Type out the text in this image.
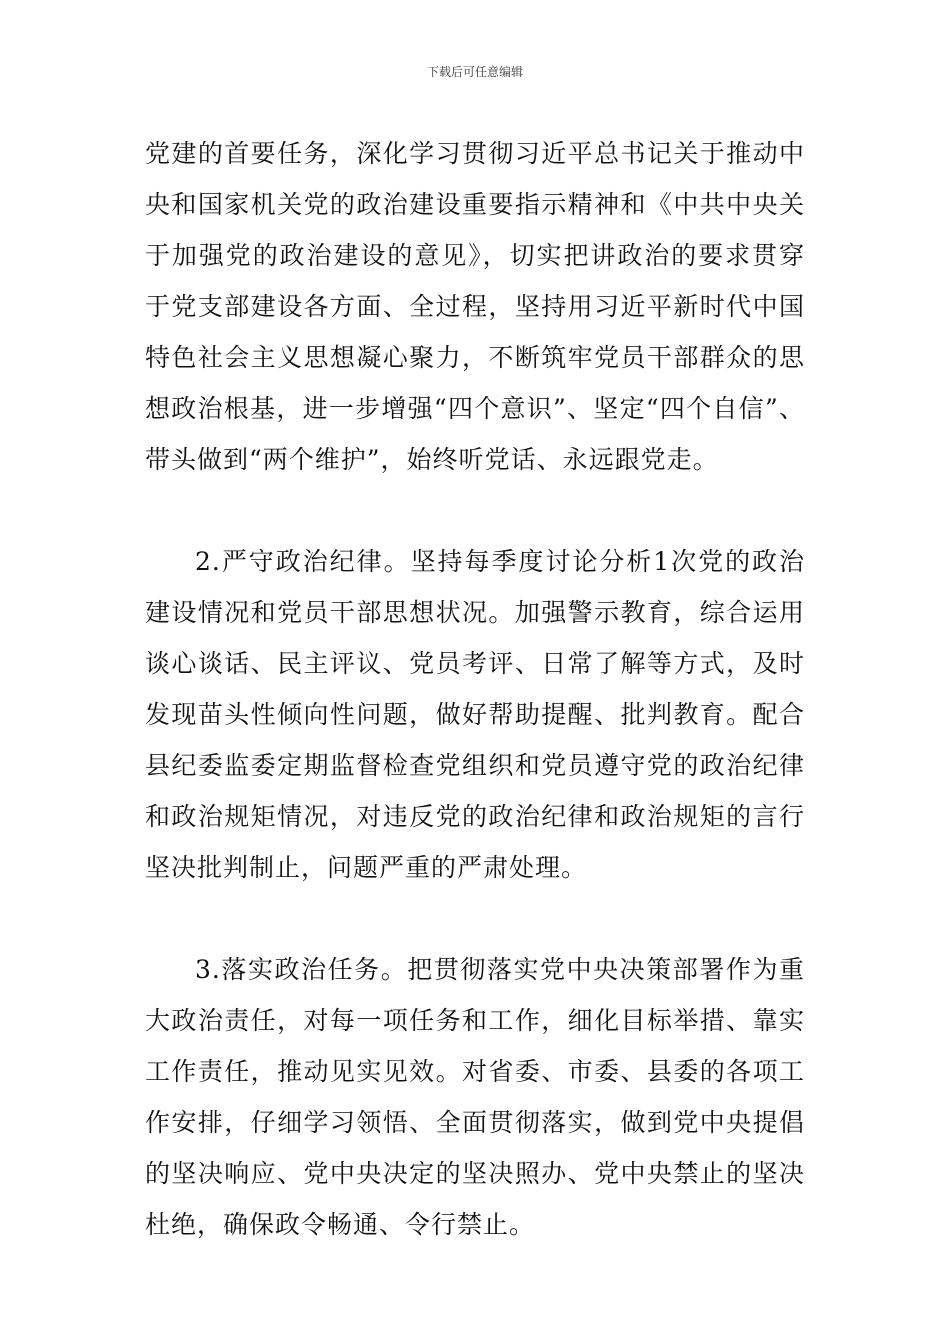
下载后可任意编辑

党建的首要任务，深化学习贯彻习近平总书记关于推动中央和国家机关党的政治建设重要指示精神和《中共中央关于加强党的政治建设的意见》，切实把讲政治的要求贯穿于党支部建设各方面、全过程，坚持用习近平新时代中国特色社会主义思想凝心聚力，不断筑牢党员干部群众的思想政治根基，进一步增强“四个意识”、坚定“四个自信”、带头做到“两个维护”，始终听党话、永远跟党走。

2.严守政治纪律。坚持每季度讨论分析1次党的政治建设情况和党员干部思想状况。加强警示教育，综合运用谈心谈话、民主评议、党员考评、日常了解等方式，及时发现苗头性倾向性问题，做好帮助提醒、批判教育。配合县纪委监委定期监督检查党组织和党员遵守党的政治纪律和政治规矩情况，对违反党的政治纪律和政治规矩的言行坚决批判制止，问题严重的严肃处理。

3.落实政治任务。把贯彻落实党中央决策部署作为重大政治责任，对每一项任务和工作，细化目标举措、靠实工作责任，推动见实见效。对省委、市委、县委的各项工作安排，仔细学习领悟、全面贯彻落实，做到党中央提倡的坚决响应、党中央决定的坚决照办、党中央禁止的坚决杜绝，确保政令畅通、令行禁止。
